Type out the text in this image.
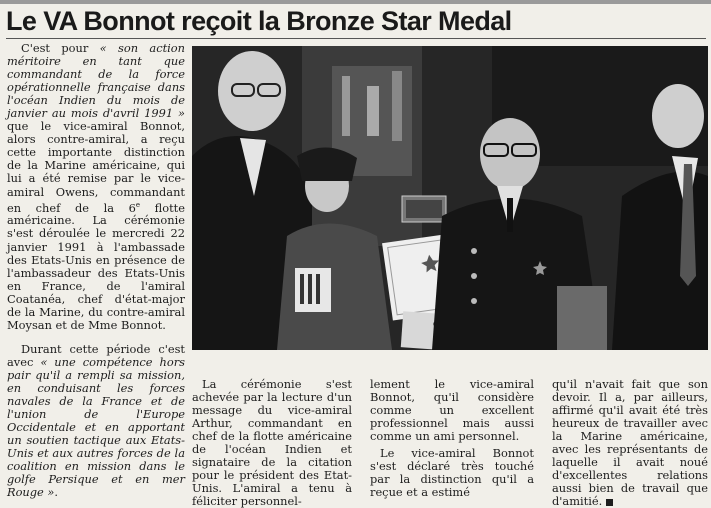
Le VA Bonnot reçoit la Bronze Star Medal

C'est pour « son action méritoire en tant que commandant de la force opérationnelle française dans l'océan Indien du mois de janvier au mois d'avril 1991 » que le vice-amiral Bonnot, alors contre-amiral, a reçu cette importante distinction de la Marine américaine, qui lui a été remise par le vice-amiral Owens, commandant en chef de la 6e flotte américaine. La cérémonie s'est déroulée le mercredi 22 janvier 1991 à l'ambassade des Etats-Unis en présence de l'ambassadeur des Etats-Unis en France, de l'amiral Coatanéa, chef d'état-major de la Marine, du contre-amiral Moysan et de Mme Bonnot.

Durant cette période c'est avec « une compétence hors pair qu'il a rempli sa mission, en conduisant les forces navales de la France et de l'union de l'Europe Occidentale et en apportant un soutien tactique aux Etats-Unis et aux autres forces de la coalition en mission dans le golfe Persique et en mer Rouge ».

La cérémonie s'est achevée par la lecture d'un message du vice-amiral Arthur, commandant en chef de la flotte américaine de l'océan Indien et signataire de la citation pour le président des Etat-Unis. L'amiral a tenu à féliciter personnel-

lement le vice-amiral Bonnot, qu'il considère comme un excellent professionnel mais aussi comme un ami personnel.

Le vice-amiral Bonnot s'est déclaré très touché par la distinction qu'il a reçue et a estimé

qu'il n'avait fait que son devoir. Il a, par ailleurs, affirmé qu'il avait été très heureux de travailler avec la Marine américaine, avec les représentants de laquelle il avait noué d'excellentes relations aussi bien de travail que d'amitié.
